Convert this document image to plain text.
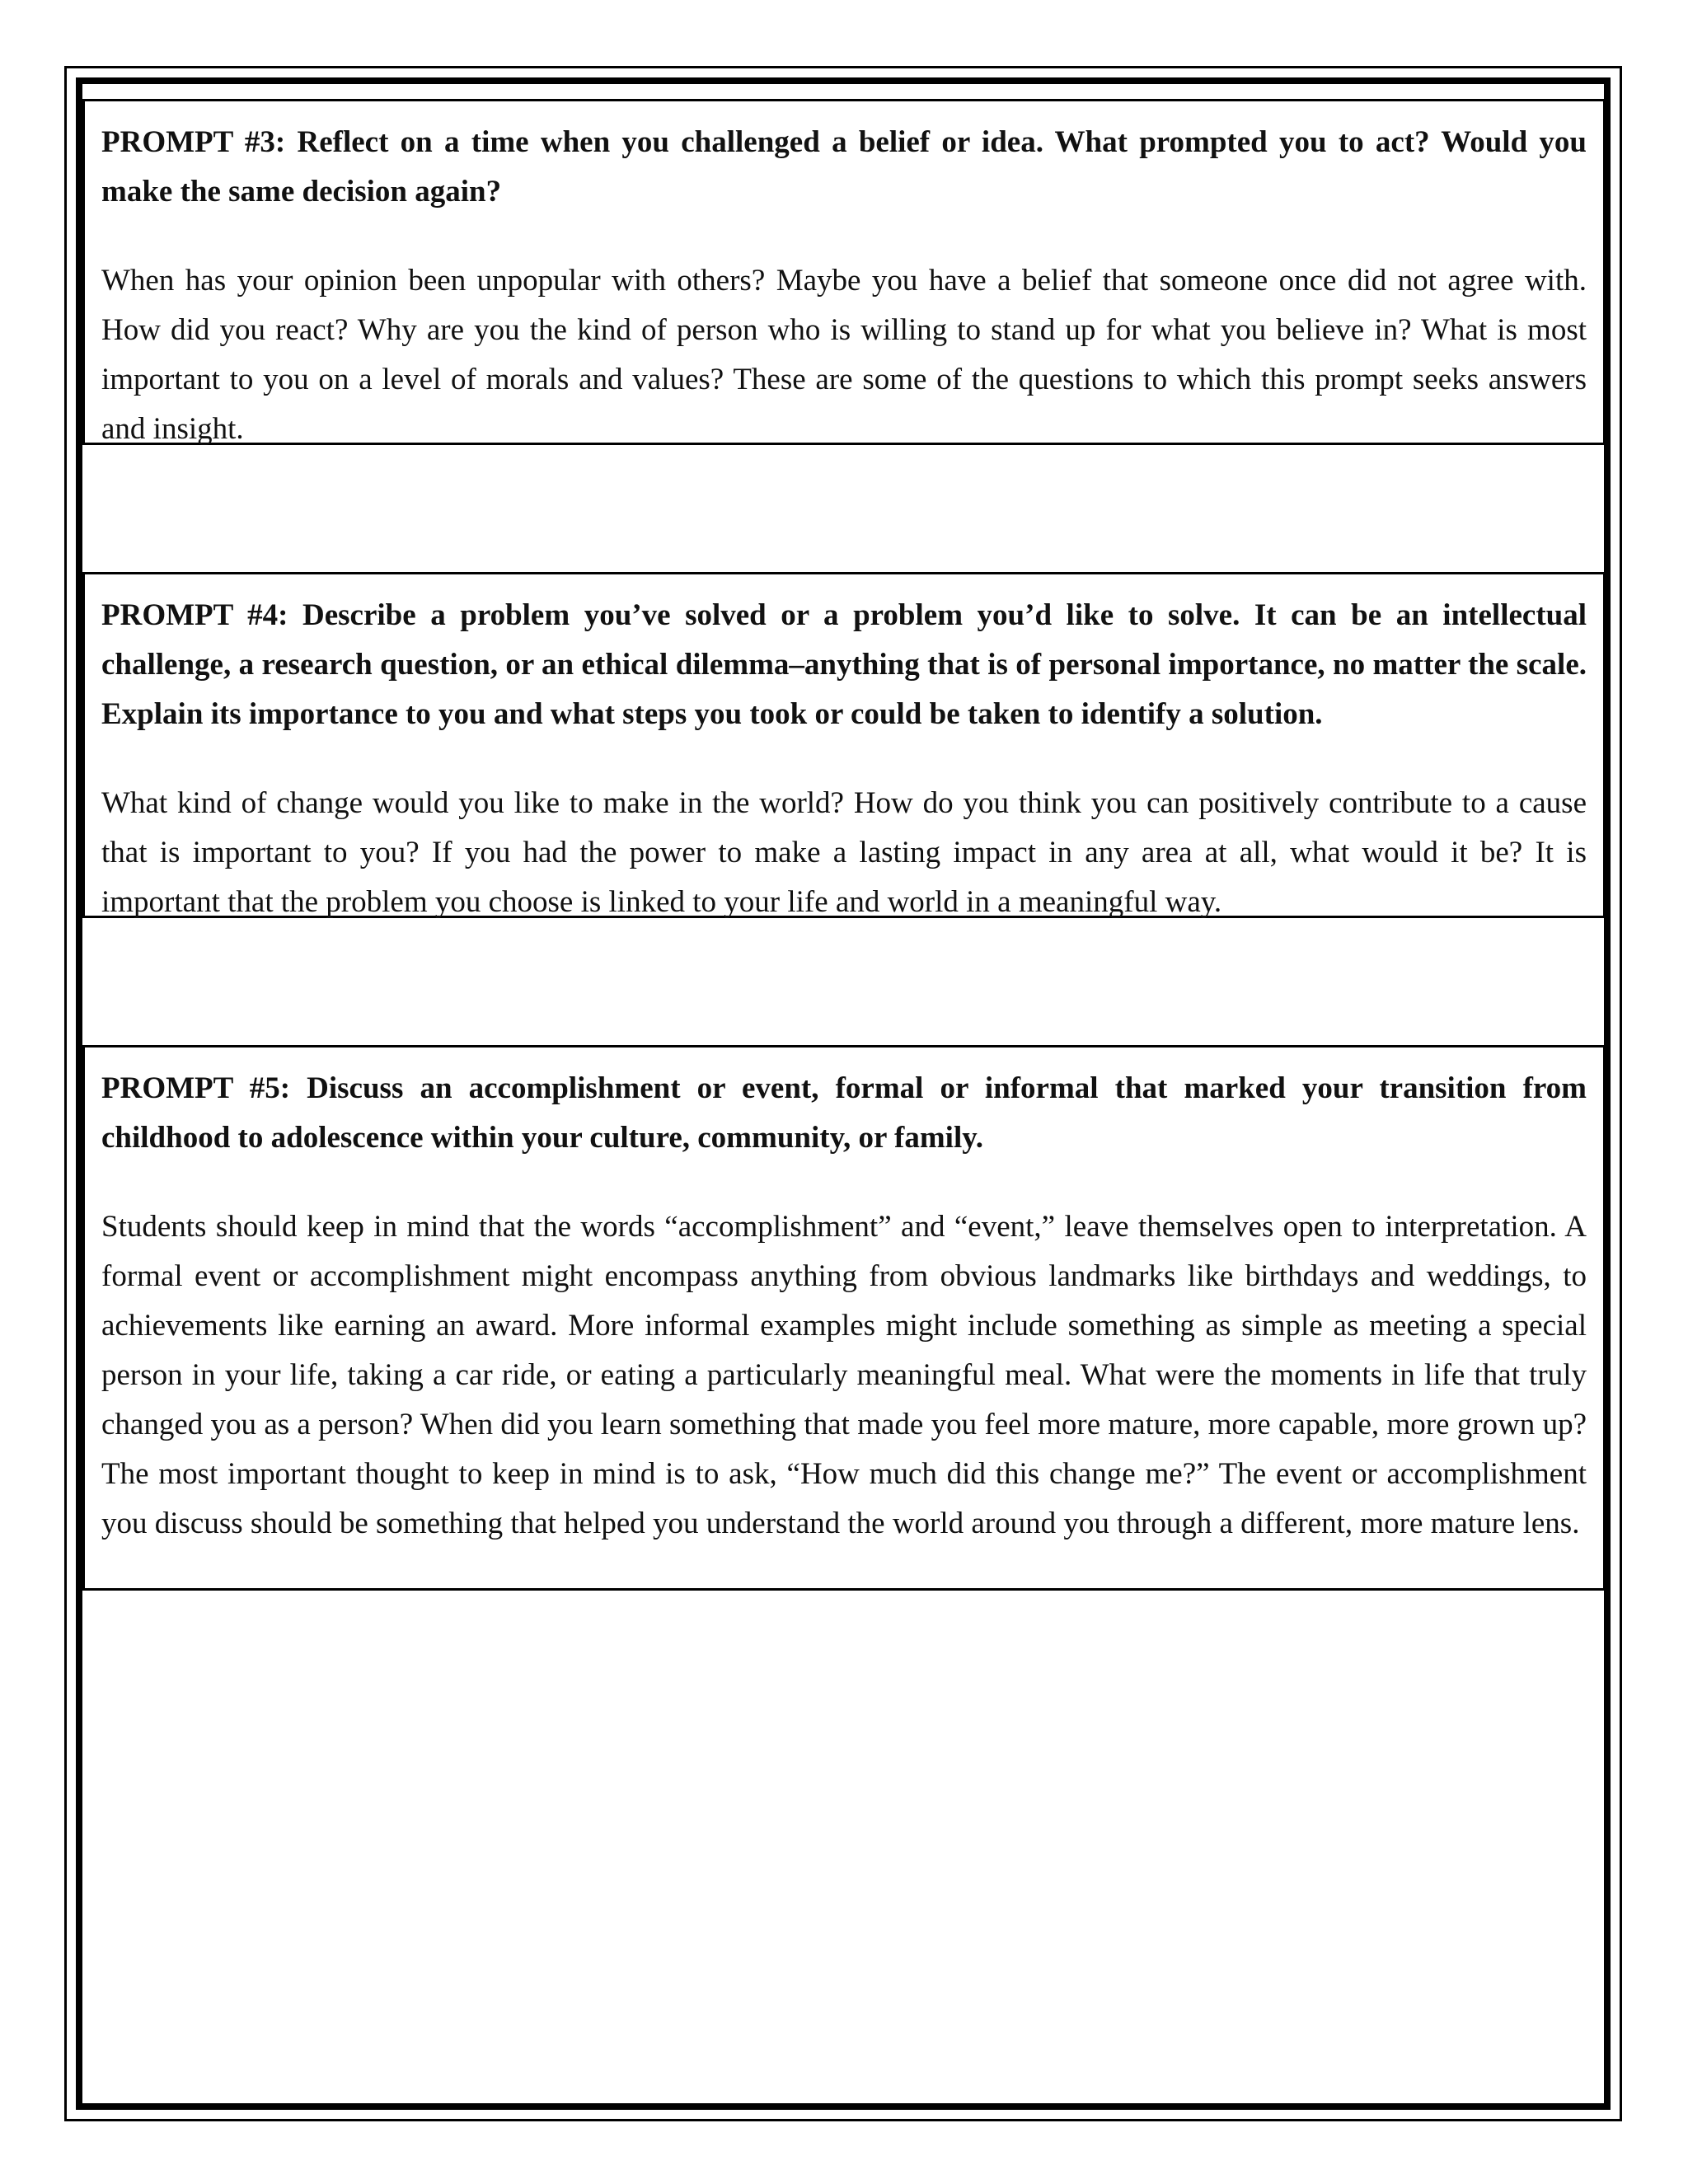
PROMPT #3: Reflect on a time when you challenged a belief or idea. What prompted you to act? Would you make the same decision again?

When has your opinion been unpopular with others? Maybe you have a belief that someone once did not agree with. How did you react? Why are you the kind of person who is willing to stand up for what you believe in? What is most important to you on a level of morals and values? These are some of the questions to which this prompt seeks answers and insight.

PROMPT #4: Describe a problem you’ve solved or a problem you’d like to solve. It can be an intellectual challenge, a research question, or an ethical dilemma–anything that is of personal importance, no matter the scale. Explain its importance to you and what steps you took or could be taken to identify a solution.

What kind of change would you like to make in the world? How do you think you can positively contribute to a cause that is important to you? If you had the power to make a lasting impact in any area at all, what would it be? It is important that the problem you choose is linked to your life and world in a meaningful way.

PROMPT #5: Discuss an accomplishment or event, formal or informal that marked your transition from childhood to adolescence within your culture, community, or family.

Students should keep in mind that the words “accomplishment” and “event,” leave themselves open to interpretation. A formal event or accomplishment might encompass anything from obvious landmarks like birthdays and weddings, to achievements like earning an award. More informal examples might include something as simple as meeting a special person in your life, taking a car ride, or eating a particularly meaningful meal. What were the moments in life that truly changed you as a person? When did you learn something that made you feel more mature, more capable, more grown up? The most important thought to keep in mind is to ask, “How much did this change me?” The event or accomplishment you discuss should be something that helped you understand the world around you through a different, more mature lens.
